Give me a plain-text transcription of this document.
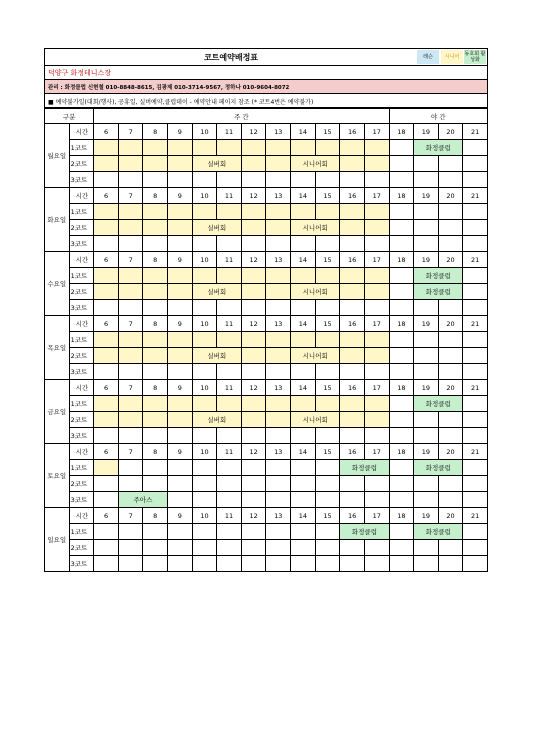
코트예약배정표	레슨	시니어	동호회 활성화
덕양구 화정테니스장
관리 : 화정클럽 신현철 010-8848-8615, 김광제 010-3714-9567, 정하나 010-9604-8072
■ 예약불가일(대회/행사), 공휴일, 실버예약,클럽데이 - 예약안내 페이지 참조 (* 코트4번은 예약불가)
구분		주 간												야 간			
월요일	시간	6	7	8	9	10	11	12	13	14	15	16	17	18	19	20	21
	1코트														화정클럽		
	2코트					실버회				시니어회							
	3코트																
화요일	시간	6	7	8	9	10	11	12	13	14	15	16	17	18	19	20	21
	1코트																
	2코트					실버회				시니어회							
	3코트																
수요일	시간	6	7	8	9	10	11	12	13	14	15	16	17	18	19	20	21
	1코트														화정클럽		
	2코트					실버회				시니어회					화정클럽		
	3코트																
목요일	시간	6	7	8	9	10	11	12	13	14	15	16	17	18	19	20	21
	1코트																
	2코트					실버회				시니어회							
	3코트																
금요일	시간	6	7	8	9	10	11	12	13	14	15	16	17	18	19	20	21
	1코트														화정클럽		
	2코트					실버회				시니어회							
	3코트																
토요일	시간	6	7	8	9	10	11	12	13	14	15	16	17	18	19	20	21
	1코트											화정클럽			화정클럽		
	2코트																
	3코트		주아스														
일요일	시간	6	7	8	9	10	11	12	13	14	15	16	17	18	19	20	21
	1코트											화정클럽			화정클럽		
	2코트																
	3코트																
